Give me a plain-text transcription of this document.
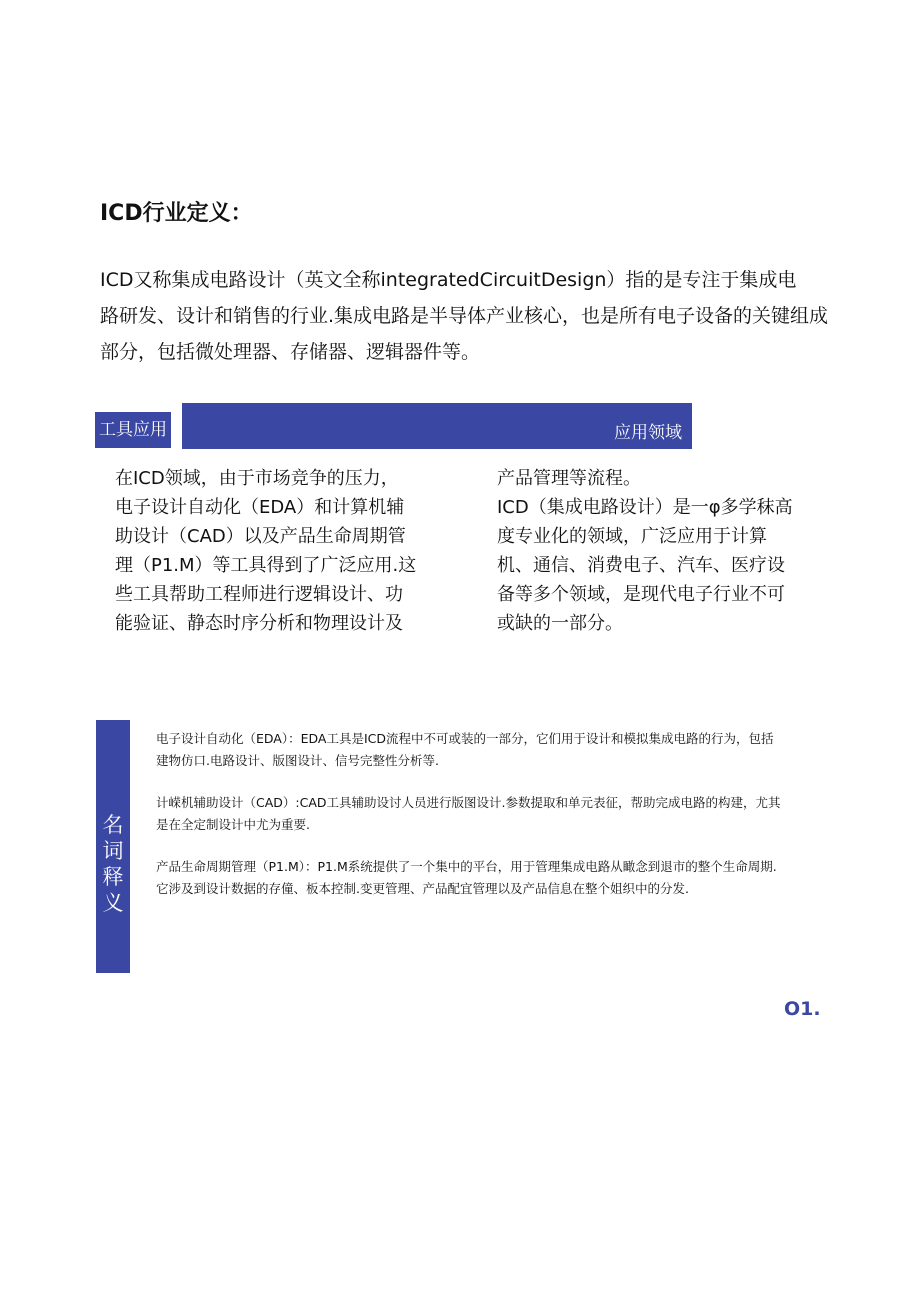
ICD行业定义：

ICD又称集成电路设计（英文全称integratedCircuitDesign）指的是专注于集成电

路研发、设计和销售的行业.集成电路是半导体产业核心，也是所有电子设备的关键组成

部分，包括微处理器、存储器、逻辑器件等。

工具应用	应用领域

在ICD领域，由于市场竞争的压力，

电子设计自动化（EDA）和计算机辅

助设计（CAD）以及产品生命周期管

理（P1.M）等工具得到了广泛应用.这

些工具帮助工程师进行逻辑设计、功

能验证、静态时序分析和物理设计及

产品管理等流程。

ICD（集成电路设计）是一φ多学秣高

度专业化的领域，广泛应用于计算

机、通信、消费电子、汽车、医疗设

备等多个领域，是现代电子行业不可

或缺的一部分。

名
词
释
义

电子设计自动化（EDA）：EDA工具是ICD流程中不可或装的一部分，它们用于设计和模拟集成电路的行为，包括

建物仿口.电路设计、版图设计、信号完整性分析等.

计嵘机辅助设计（CAD）:CAD工具辅助设讨人员进行版图设计.参数提取和单元表征，帮助完成电路的构建，尤其

是在全定制设计中尤为重要.

产品生命周期管理（P1.M）：P1.M系统提供了一个集中的平台，用于管理集成电路从瞰念到退市的整个生命周期.

它涉及到设计数据的存僮、板本控制.变更管理、产品配宜管理以及产品信息在整个姐织中的分发.

O1.
